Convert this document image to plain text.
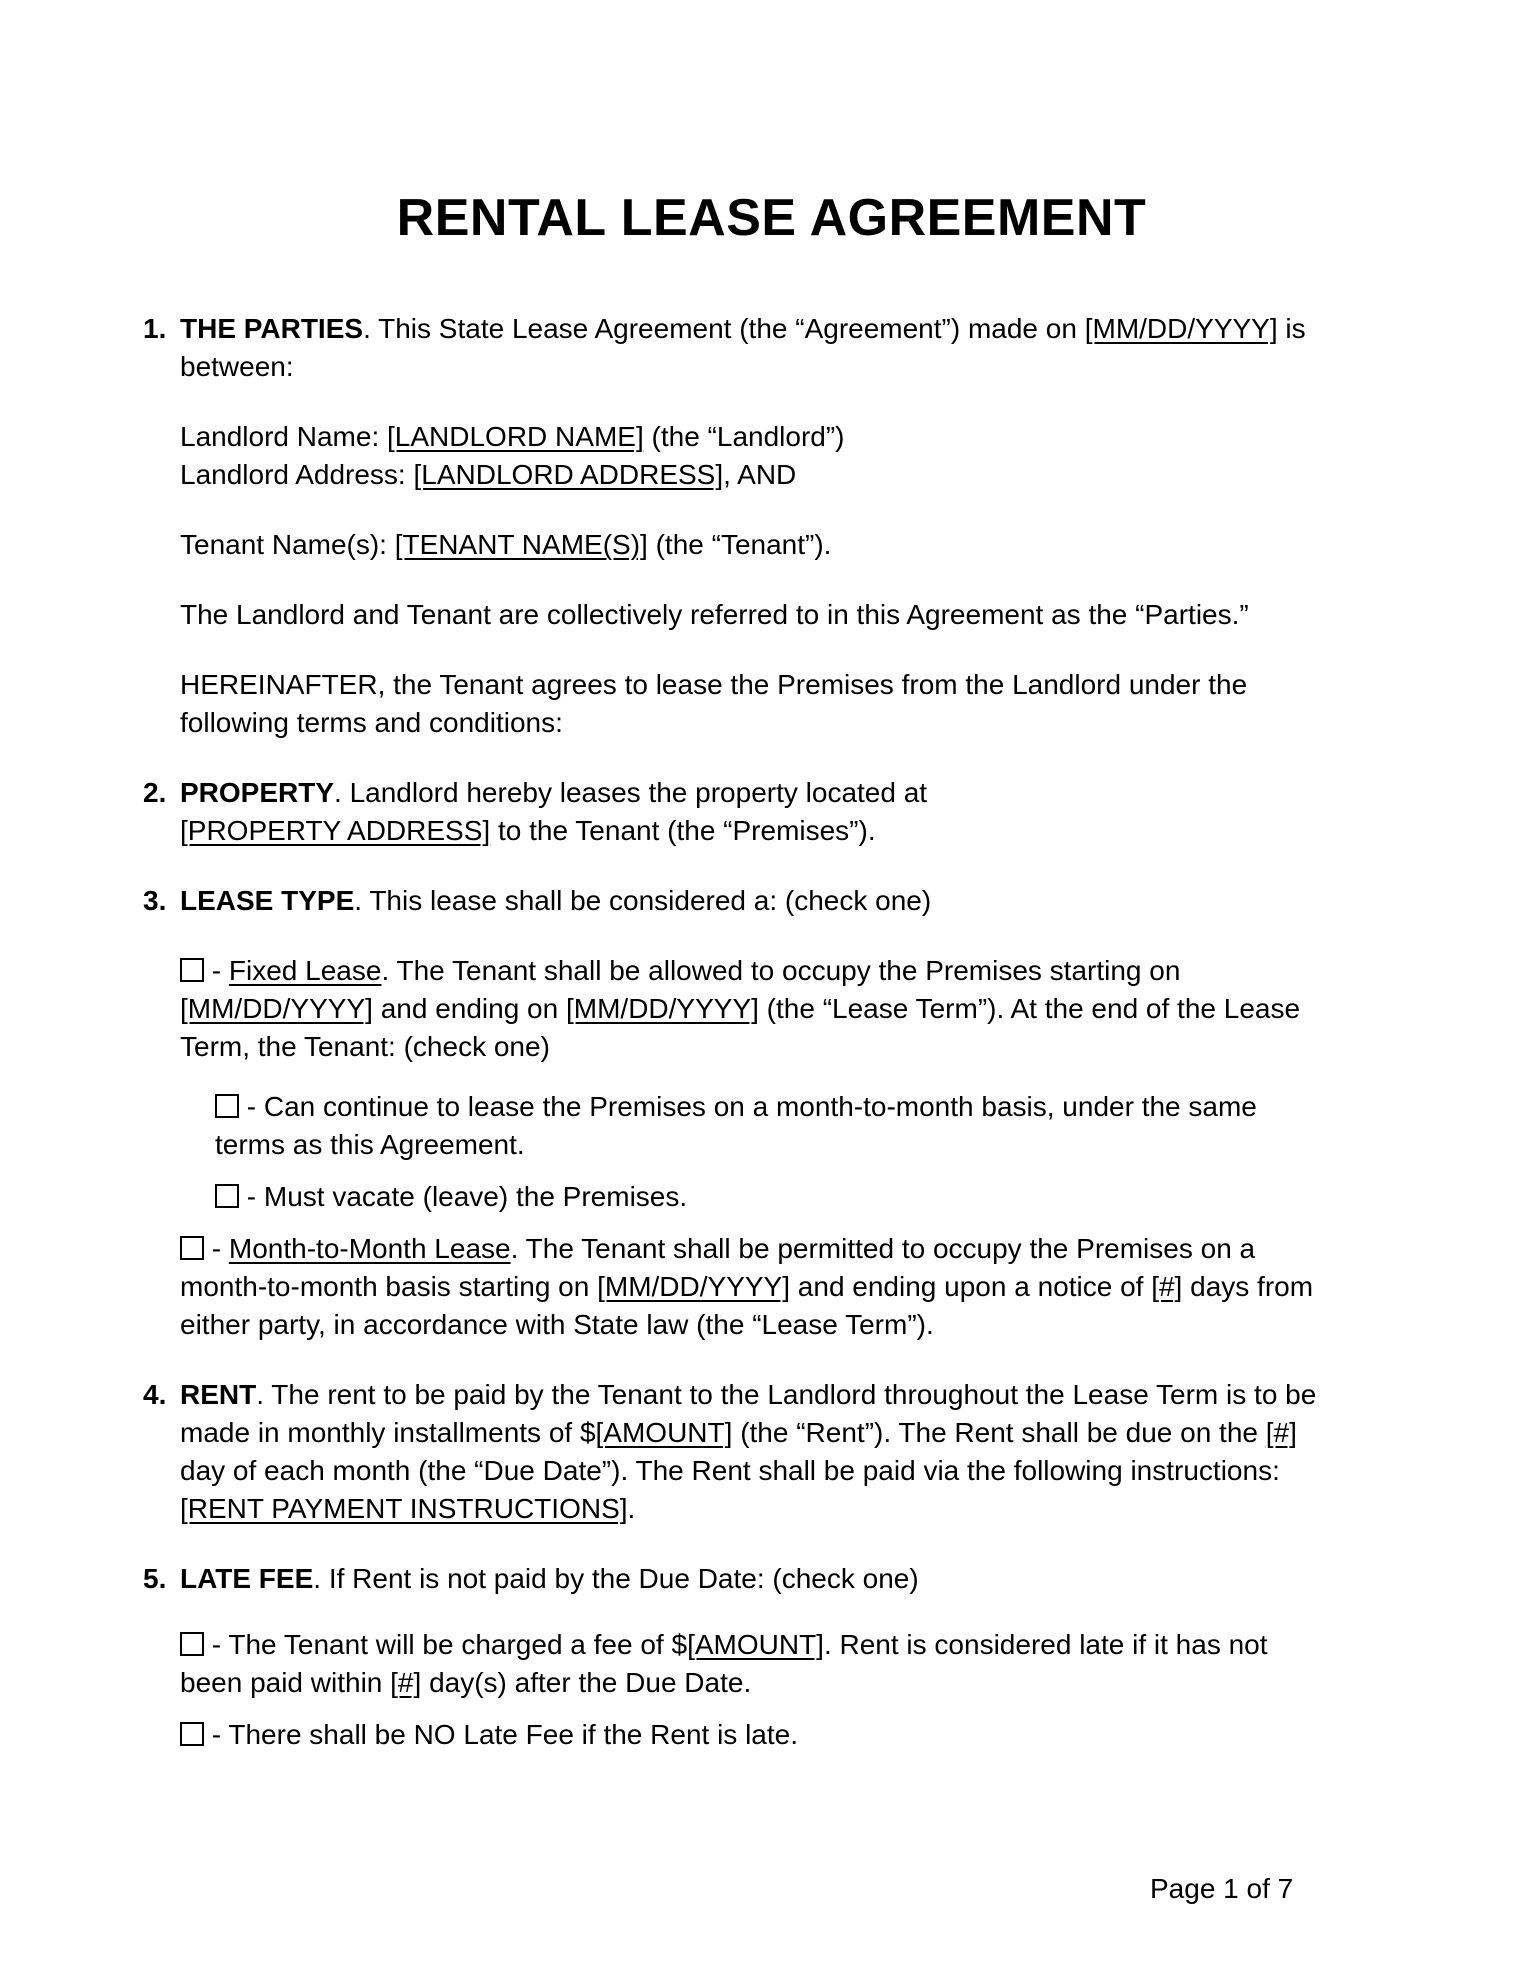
RENTAL LEASE AGREEMENT
1. THE PARTIES. This State Lease Agreement (the “Agreement”) made on [MM/DD/YYYY] is
between:
Landlord Name: [LANDLORD NAME] (the “Landlord”)
Landlord Address: [LANDLORD ADDRESS], AND
Tenant Name(s): [TENANT NAME(S)] (the “Tenant”).
The Landlord and Tenant are collectively referred to in this Agreement as the “Parties.”
HEREINAFTER, the Tenant agrees to lease the Premises from the Landlord under the
following terms and conditions:
2. PROPERTY. Landlord hereby leases the property located at
[PROPERTY ADDRESS] to the Tenant (the “Premises”).
3. LEASE TYPE. This lease shall be considered a: (check one)
- Fixed Lease. The Tenant shall be allowed to occupy the Premises starting on
[MM/DD/YYYY] and ending on [MM/DD/YYYY] (the “Lease Term”). At the end of the Lease
Term, the Tenant: (check one)
- Can continue to lease the Premises on a month-to-month basis, under the same
terms as this Agreement.
- Must vacate (leave) the Premises.
- Month-to-Month Lease. The Tenant shall be permitted to occupy the Premises on a
month-to-month basis starting on [MM/DD/YYYY] and ending upon a notice of [#] days from
either party, in accordance with State law (the “Lease Term”).
4. RENT. The rent to be paid by the Tenant to the Landlord throughout the Lease Term is to be
made in monthly installments of $[AMOUNT] (the “Rent”). The Rent shall be due on the [#]
day of each month (the “Due Date”). The Rent shall be paid via the following instructions:
[RENT PAYMENT INSTRUCTIONS].
5. LATE FEE. If Rent is not paid by the Due Date: (check one)
- The Tenant will be charged a fee of $[AMOUNT]. Rent is considered late if it has not
been paid within [#] day(s) after the Due Date.
- There shall be NO Late Fee if the Rent is late.
Page 1 of 7
